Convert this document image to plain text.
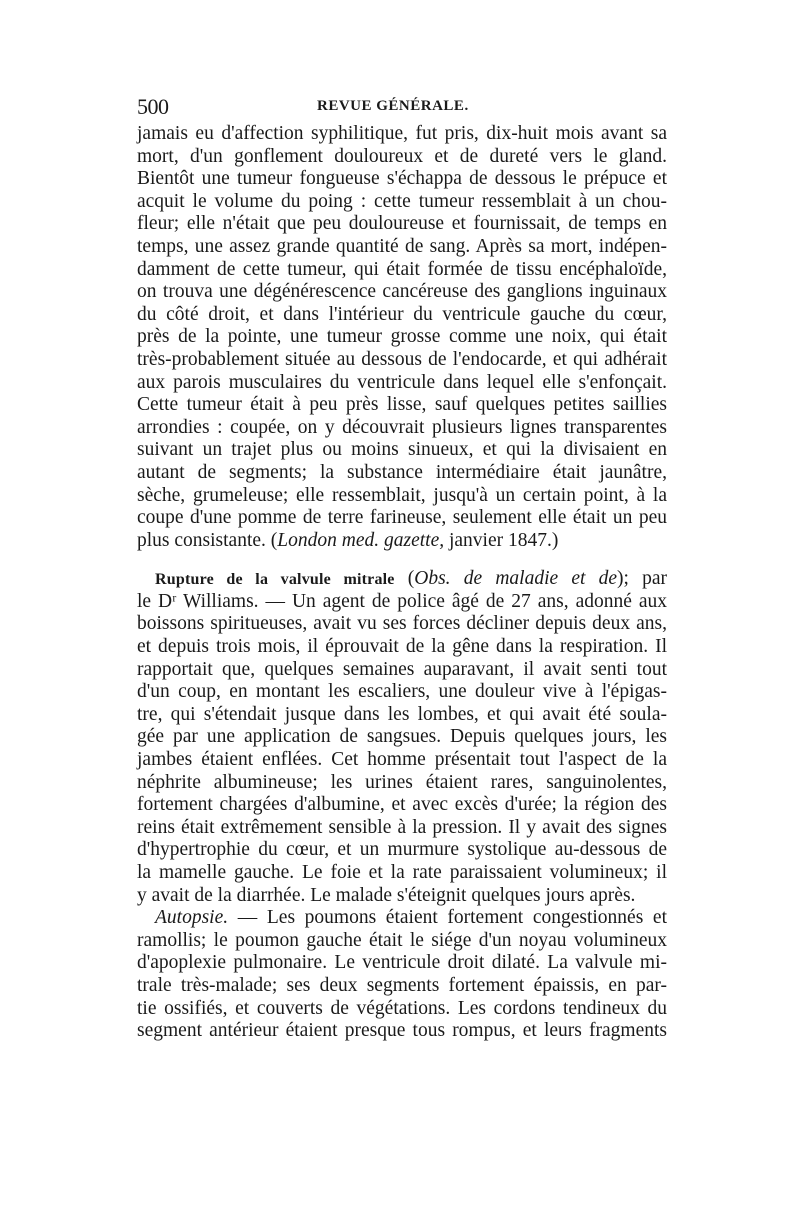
500	REVUE GÉNÉRALE.
jamais eu d'affection syphilitique, fut pris, dix-huit mois avant sa
mort, d'un gonflement douloureux et de dureté vers le gland.
Bientôt une tumeur fongueuse s'échappa de dessous le prépuce et
acquit le volume du poing : cette tumeur ressemblait à un chou-
fleur; elle n'était que peu douloureuse et fournissait, de temps en
temps, une assez grande quantité de sang. Après sa mort, indépen-
damment de cette tumeur, qui était formée de tissu encéphaloïde,
on trouva une dégénérescence cancéreuse des ganglions inguinaux
du côté droit, et dans l'intérieur du ventricule gauche du cœur,
près de la pointe, une tumeur grosse comme une noix, qui était
très-probablement située au dessous de l'endocarde, et qui adhérait
aux parois musculaires du ventricule dans lequel elle s'enfonçait.
Cette tumeur était à peu près lisse, sauf quelques petites saillies
arrondies : coupée, on y découvrait plusieurs lignes transparentes
suivant un trajet plus ou moins sinueux, et qui la divisaient en
autant de segments; la substance intermédiaire était jaunâtre,
sèche, grumeleuse; elle ressemblait, jusqu'à un certain point, à la
coupe d'une pomme de terre farineuse, seulement elle était un peu
plus consistante. (London med. gazette, janvier 1847.)
Rupture de la valvule mitrale (Obs. de maladie et de); par
le Dʳ Williams. — Un agent de police âgé de 27 ans, adonné aux
boissons spiritueuses, avait vu ses forces décliner depuis deux ans,
et depuis trois mois, il éprouvait de la gêne dans la respiration. Il
rapportait que, quelques semaines auparavant, il avait senti tout
d'un coup, en montant les escaliers, une douleur vive à l'épigas-
tre, qui s'étendait jusque dans les lombes, et qui avait été soula-
gée par une application de sangsues. Depuis quelques jours, les
jambes étaient enflées. Cet homme présentait tout l'aspect de la
néphrite albumineuse; les urines étaient rares, sanguinolentes,
fortement chargées d'albumine, et avec excès d'urée; la région des
reins était extrêmement sensible à la pression. Il y avait des signes
d'hypertrophie du cœur, et un murmure systolique au-dessous de
la mamelle gauche. Le foie et la rate paraissaient volumineux; il
y avait de la diarrhée. Le malade s'éteignit quelques jours après.
Autopsie. — Les poumons étaient fortement congestionnés et
ramollis; le poumon gauche était le siége d'un noyau volumineux
d'apoplexie pulmonaire. Le ventricule droit dilaté. La valvule mi-
trale très-malade; ses deux segments fortement épaissis, en par-
tie ossifiés, et couverts de végétations. Les cordons tendineux du
segment antérieur étaient presque tous rompus, et leurs fragments
